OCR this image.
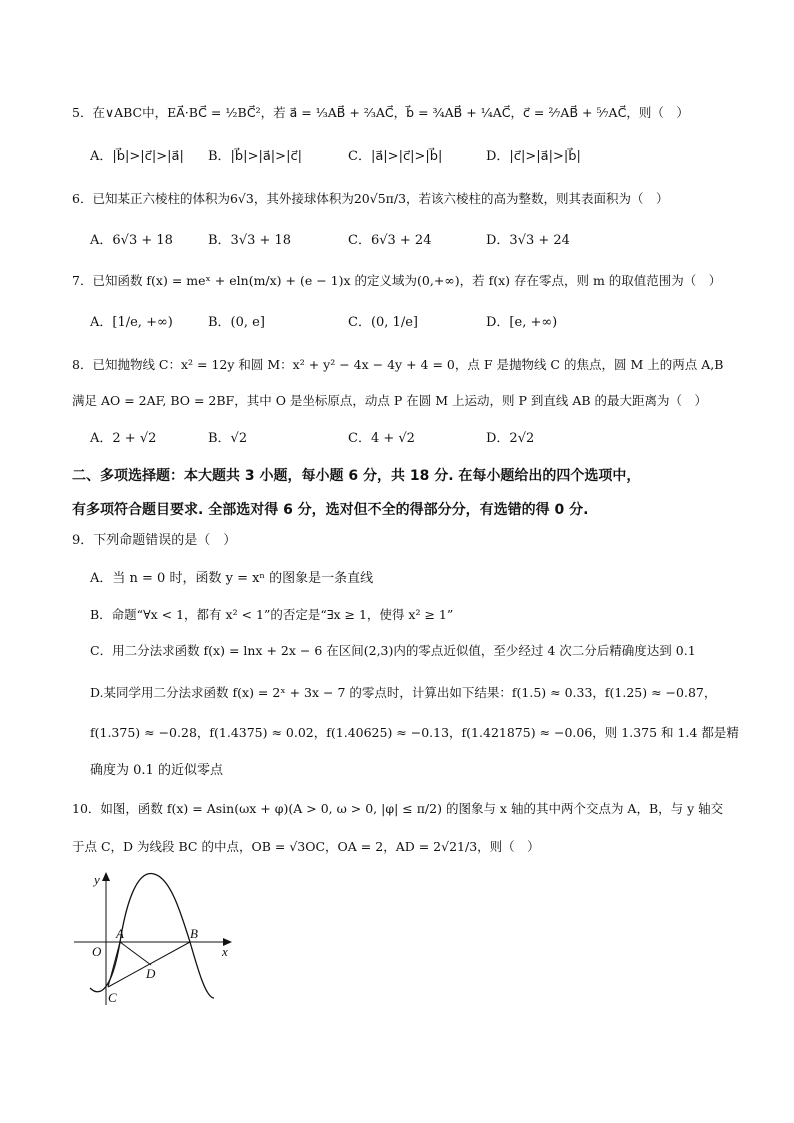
5．在∨ABC中，EA⃗·BC⃗ = ½BC⃗²，若 a⃗ = ⅓AB⃗ + ⅔AC⃗，b⃗ = ¾AB⃗ + ¼AC⃗，c⃗ = ²⁄₇AB⃗ + ⁵⁄₇AC⃗，则（　）
A．|b⃗|>|c⃗|>|a⃗| B．|b⃗|>|a⃗|>|c⃗|	C．|a⃗|>|c⃗|>|b⃗|	D．|c⃗|>|a⃗|>|b⃗|
6．已知某正六棱柱的体积为6√3，其外接球体积为20√5π/3，若该六棱柱的高为整数，则其表面积为（　）
A．6√3 + 18	B．3√3 + 18	C．6√3 + 24	D．3√3 + 24
7．已知函数 f(x) = meˣ + eln(m/x) + (e − 1)x 的定义域为(0,+∞)，若 f(x) 存在零点，则 m 的取值范围为（　）
A．[1/e, +∞)	B．(0, e]	C．(0, 1/e]	D．[e, +∞)
8．已知抛物线 C：x² = 12y 和圆 M：x² + y² − 4x − 4y + 4 = 0，点 F 是抛物线 C 的焦点，圆 M 上的两点 A,B
满足 AO = 2AF, BO = 2BF，其中 O 是坐标原点，动点 P 在圆 M 上运动，则 P 到直线 AB 的最大距离为（　）
A．2 + √2	B．√2	C．4 + √2	D．2√2
二、多项选择题：本大题共 3 小题，每小题 6 分，共 18 分. 在每小题给出的四个选项中，
有多项符合题目要求. 全部选对得 6 分，选对但不全的得部分分，有选错的得 0 分.
9．下列命题错误的是（　）
A．当 n = 0 时，函数 y = xⁿ 的图象是一条直线
B．命题“∀x < 1，都有 x² < 1”的否定是“∃x ≥ 1，使得 x² ≥ 1”
C．用二分法求函数 f(x) = lnx + 2x − 6 在区间(2,3)内的零点近似值，至少经过 4 次二分后精确度达到 0.1
D.某同学用二分法求函数 f(x) = 2ˣ + 3x − 7 的零点时，计算出如下结果：f(1.5) ≈ 0.33，f(1.25) ≈ −0.87，
f(1.375) ≈ −0.28，f(1.4375) ≈ 0.02，f(1.40625) ≈ −0.13，f(1.421875) ≈ −0.06，则 1.375 和 1.4 都是精
确度为 0.1 的近似零点
10．如图，函数 f(x) = Asin(ωx + φ)(A > 0, ω > 0, |φ| ≤ π/2) 的图象与 x 轴的其中两个交点为 A，B，与 y 轴交
于点 C，D 为线段 BC 的中点，OB = √3OC，OA = 2，AD = 2√21/3，则（　）
y
x
O
A	B
C
D
